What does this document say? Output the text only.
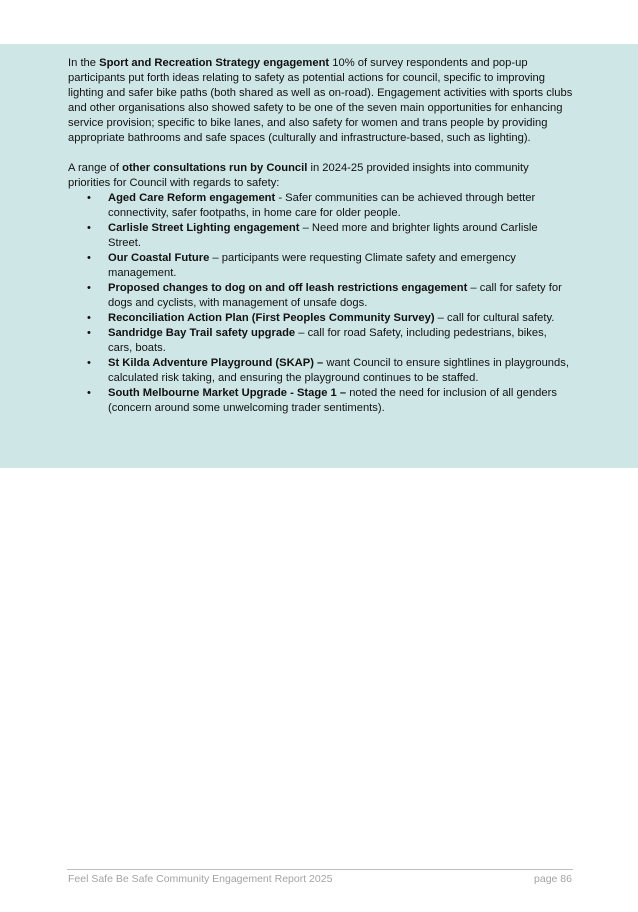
In the Sport and Recreation Strategy engagement 10% of survey respondents and pop-up participants put forth ideas relating to safety as potential actions for council, specific to improving lighting and safer bike paths (both shared as well as on-road). Engagement activities with sports clubs and other organisations also showed safety to be one of the seven main opportunities for enhancing service provision; specific to bike lanes, and also safety for women and trans people by providing appropriate bathrooms and safe spaces (culturally and infrastructure-based, such as lighting).

A range of other consultations run by Council in 2024-25 provided insights into community priorities for Council with regards to safety:

• Aged Care Reform engagement - Safer communities can be achieved through better connectivity, safer footpaths, in home care for older people.
• Carlisle Street Lighting engagement – Need more and brighter lights around Carlisle Street.
• Our Coastal Future – participants were requesting Climate safety and emergency management.
• Proposed changes to dog on and off leash restrictions engagement – call for safety for dogs and cyclists, with management of unsafe dogs.
• Reconciliation Action Plan (First Peoples Community Survey) – call for cultural safety.
• Sandridge Bay Trail safety upgrade – call for road Safety, including pedestrians, bikes, cars, boats.
• St Kilda Adventure Playground (SKAP) – want Council to ensure sightlines in playgrounds, calculated risk taking, and ensuring the playground continues to be staffed.
• South Melbourne Market Upgrade - Stage 1 – noted the need for inclusion of all genders (concern around some unwelcoming trader sentiments).
Feel Safe Be Safe Community Engagement Report 2025	page 86
